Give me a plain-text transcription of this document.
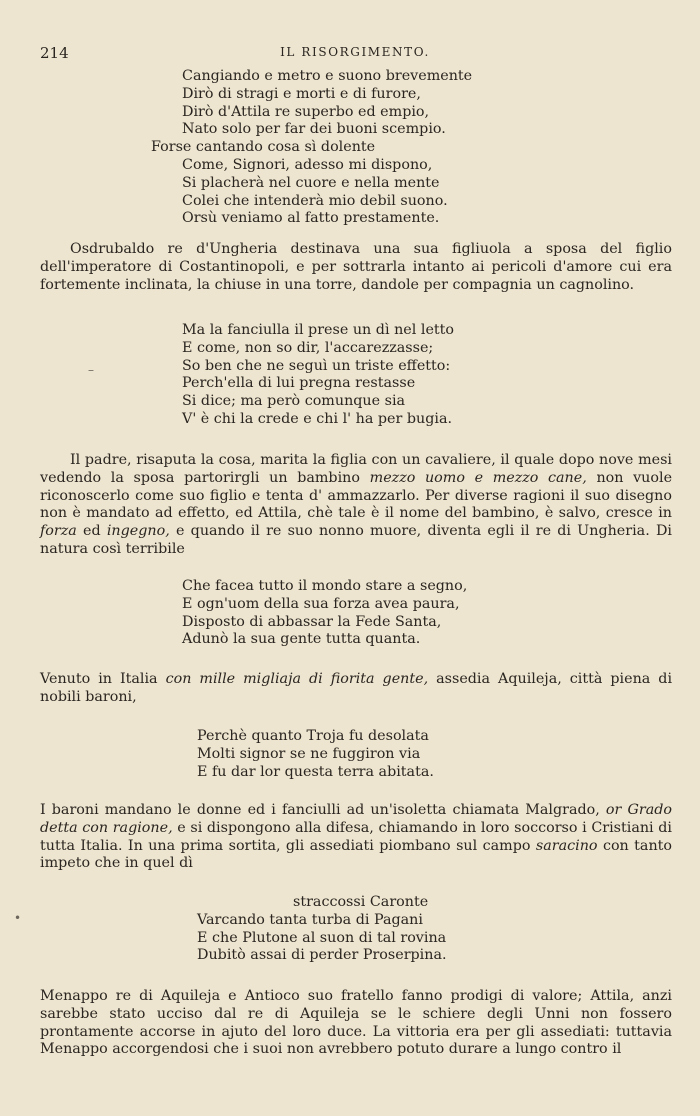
214	IL RISORGIMENTO.
Cangiando e metro e suono brevemente
Dirò di stragi e morti e di furore,
Dirò d'Attila re superbo ed empio,
Nato solo per far dei buoni scempio.
Forse cantando cosa sì dolente
Come, Signori, adesso mi dispono,
Si placherà nel cuore e nella mente
Colei che intenderà mio debil suono.
Orsù veniamo al fatto prestamente.

Osdrubaldo re d'Ungheria destinava una sua figliuola a sposa del figlio dell'imperatore di Costantinopoli, e per sottrarla intanto ai pericoli d'amore cui era fortemente inclinata, la chiuse in una torre, dandole per compagnia un cagnolino.

Ma la fanciulla il prese un dì nel letto
E come, non so dir, l'accarezzasse;
So ben che ne seguì un triste effetto:
Perch'ella di lui pregna restasse
Si dice; ma però comunque sia
V' è chi la crede e chi l' ha per bugia.

Il padre, risaputa la cosa, marita la figlia con un cavaliere, il quale dopo nove mesi vedendo la sposa partorirgli un bambino mezzo uomo e mezzo cane, non vuole riconoscerlo come suo figlio e tenta d' ammazzarlo. Per diverse ragioni il suo disegno non è mandato ad effetto, ed Attila, chè tale è il nome del bambino, è salvo, cresce in forza ed ingegno, e quando il re suo nonno muore, diventa egli il re di Ungheria. Di natura così terribile

Che facea tutto il mondo stare a segno,
E ogn'uom della sua forza avea paura,
Disposto di abbassar la Fede Santa,
Adunò la sua gente tutta quanta.

Venuto in Italia con mille migliaja di fiorita gente, assedia Aquileja, città piena di nobili baroni,

Perchè quanto Troja fu desolata
Molti signor se ne fuggiron via
E fu dar lor questa terra abitata.

I baroni mandano le donne ed i fanciulli ad un'isoletta chiamata Malgrado, or Grado detta con ragione, e si dispongono alla difesa, chiamando in loro soccorso i Cristiani di tutta Italia. In una prima sortita, gli assediati piombano sul campo saracino con tanto impeto che in quel dì

straccossi Caronte
Varcando tanta turba di Pagani
E che Plutone al suon di tal rovina
Dubitò assai di perder Proserpina.

Menappo re di Aquileja e Antioco suo fratello fanno prodigi di valore; Attila, anzi sarebbe stato ucciso dal re di Aquileja se le schiere degli Unni non fossero prontamente accorse in ajuto del loro duce. La vittoria era per gli assediati: tuttavia Menappo accorgendosi che i suoi non avrebbero potuto durare a lungo contro il

–
•
